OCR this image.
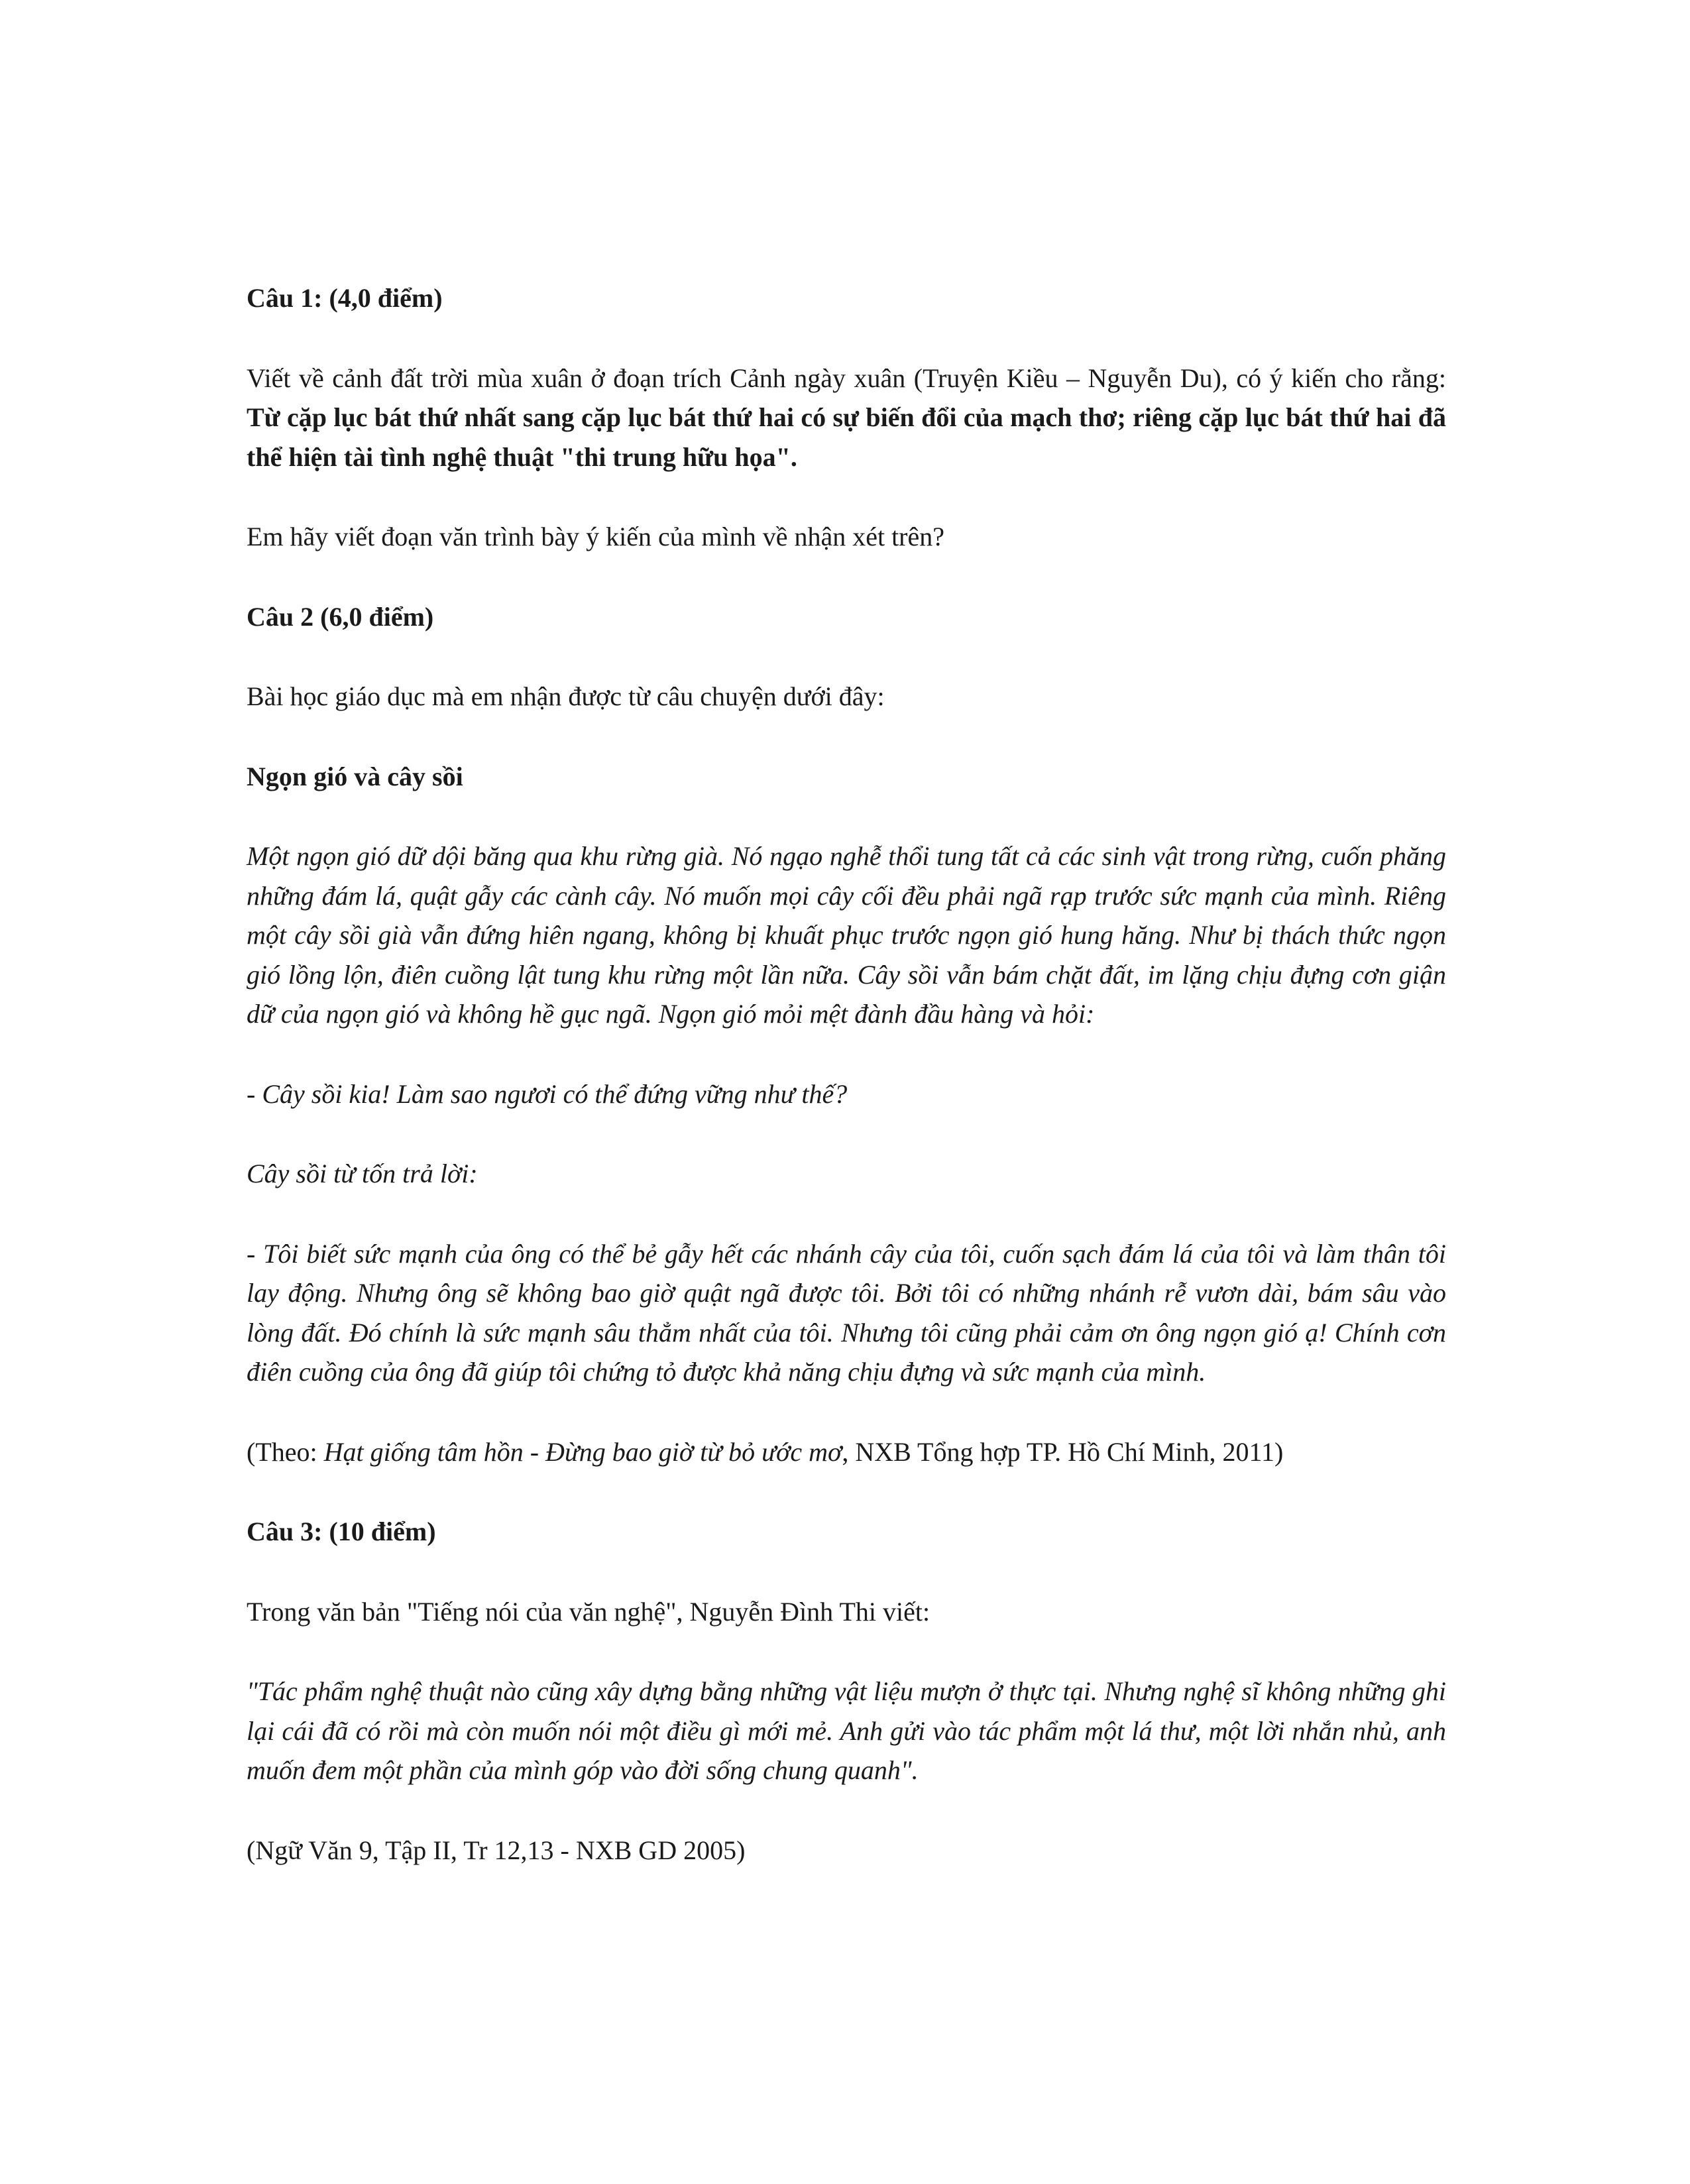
Câu 1: (4,0 điểm)

Viết về cảnh đất trời mùa xuân ở đoạn trích Cảnh ngày xuân (Truyện Kiều – Nguyễn Du), có ý kiến cho rằng: Từ cặp lục bát thứ nhất sang cặp lục bát thứ hai có sự biến đổi của mạch thơ; riêng cặp lục bát thứ hai đã thể hiện tài tình nghệ thuật "thi trung hữu họa".

Em hãy viết đoạn văn trình bày ý kiến của mình về nhận xét trên?

Câu 2 (6,0 điểm)

Bài học giáo dục mà em nhận được từ câu chuyện dưới đây:

Ngọn gió và cây sồi

Một ngọn gió dữ dội băng qua khu rừng già. Nó ngạo nghễ thổi tung tất cả các sinh vật trong rừng, cuốn phăng những đám lá, quật gẫy các cành cây. Nó muốn mọi cây cối đều phải ngã rạp trước sức mạnh của mình. Riêng một cây sồi già vẫn đứng hiên ngang, không bị khuất phục trước ngọn gió hung hăng. Như bị thách thức ngọn gió lồng lộn, điên cuồng lật tung khu rừng một lần nữa. Cây sồi vẫn bám chặt đất, im lặng chịu đựng cơn giận dữ của ngọn gió và không hề gục ngã. Ngọn gió mỏi mệt đành đầu hàng và hỏi:

- Cây sồi kia! Làm sao ngươi có thể đứng vững như thế?

Cây sồi từ tốn trả lời:

- Tôi biết sức mạnh của ông có thể bẻ gẫy hết các nhánh cây của tôi, cuốn sạch đám lá của tôi và làm thân tôi lay động. Nhưng ông sẽ không bao giờ quật ngã được tôi. Bởi tôi có những nhánh rễ vươn dài, bám sâu vào lòng đất. Đó chính là sức mạnh sâu thẳm nhất của tôi. Nhưng tôi cũng phải cảm ơn ông ngọn gió ạ! Chính cơn điên cuồng của ông đã giúp tôi chứng tỏ được khả năng chịu đựng và sức mạnh của mình.

(Theo: Hạt giống tâm hồn - Đừng bao giờ từ bỏ ước mơ, NXB Tổng hợp TP. Hồ Chí Minh, 2011)

Câu 3: (10 điểm)

Trong văn bản "Tiếng nói của văn nghệ", Nguyễn Đình Thi viết:

"Tác phẩm nghệ thuật nào cũng xây dựng bằng những vật liệu mượn ở thực tại. Nhưng nghệ sĩ không những ghi lại cái đã có rồi mà còn muốn nói một điều gì mới mẻ. Anh gửi vào tác phẩm một lá thư, một lời nhắn nhủ, anh muốn đem một phần của mình góp vào đời sống chung quanh".

(Ngữ Văn 9, Tập II, Tr 12,13 - NXB GD 2005)
